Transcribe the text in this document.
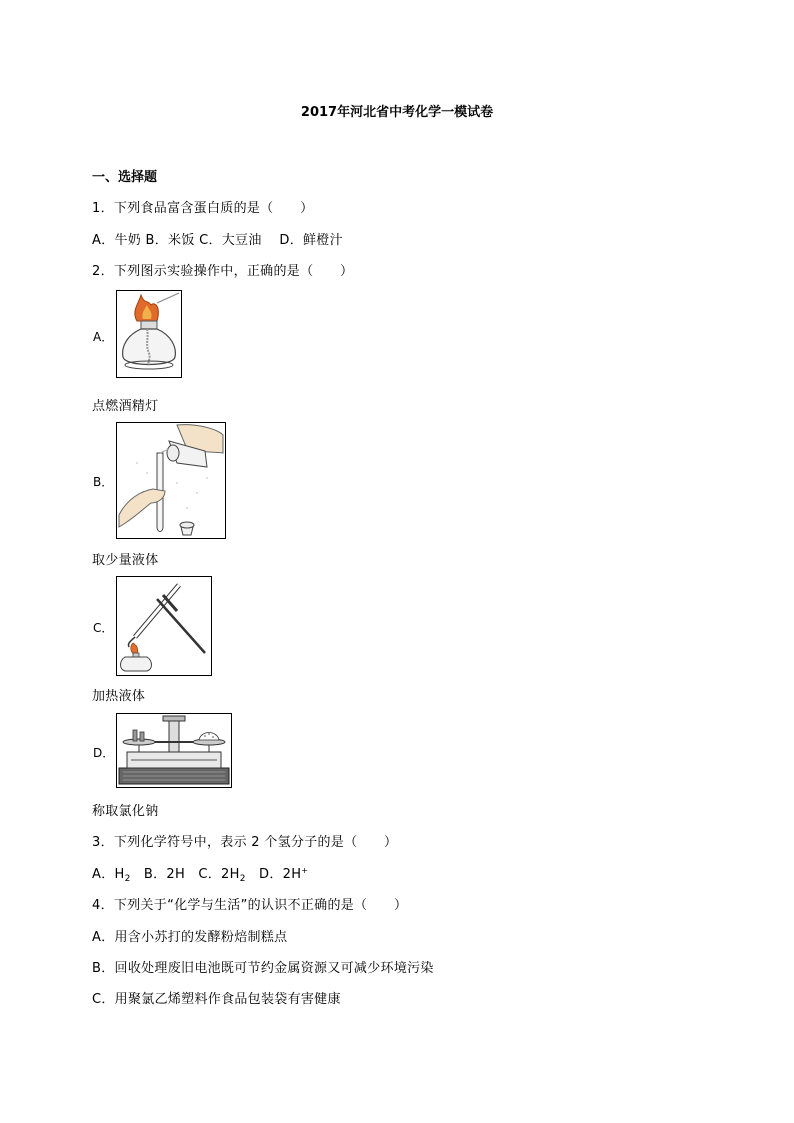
2017年河北省中考化学一模试卷
一、选择题
1．下列食品富含蛋白质的是（　　）
A．牛奶 B．米饭 C．大豆油　 D．鲜橙汁
2．下列图示实验操作中，正确的是（　　）
A．
点燃酒精灯
B．
取少量液体
C．
加热液体
D．
称取氯化钠
3．下列化学符号中，表示 2 个氢分子的是（　　）
A．$H_2$　B．2H　C．$2H_2$　D．2H+
4．下列关于“化学与生活”的认识不正确的是（　　）
A．用含小苏打的发酵粉焙制糕点
B．回收处理废旧电池既可节约金属资源又可减少环境污染
C．用聚氯乙烯塑料作食品包装袋有害健康
